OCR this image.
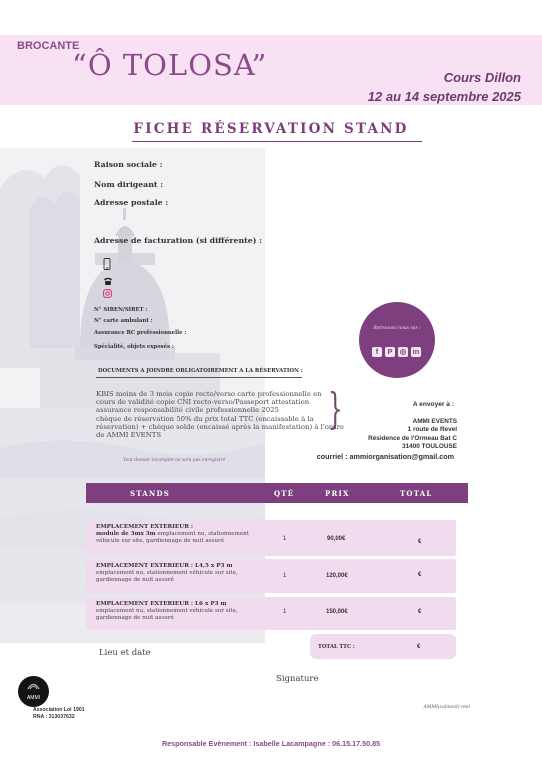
BROCANTE
“Ô TOLOSA”	Cours Dillon
12 au 14 septembre 2025
FICHE RÉSERVATION STAND
Raison sociale :
Nom dirigeant :
Adresse postale :
Adresse de facturation (si différente) :
N° SIREN/SIRET :
N° carte ambulant :
Assurance RC professionnelle :
Spécialité, objets exposés :
Retrouvez-nous sur :
f	P ◎ in
DOCUMENTS A JOINDRE OBLIGATOIREMENT A LA RÉSERVATION :
KBIS moins de 3 mois copie recto/verso carte professionnelle en
cours de validité copie CNI recto-verso/Passeport attestation
assurance responsabilité civile professionnelle 2025
chèque de réservation 50% du prix total TTC (encaissable à la
réservation) + chèque solde (encaissé après la manifestation) à l'ordre
de AMMI EVENTS
}
Tout dossier incomplet ne sera pas enregistré
A envoyer à :
AMMI EVENTS
1 route de Revel
Résidence de l'Ormeau Bat C
31400 TOULOUSE
courriel : ammiorganisation@gmail.com
STANDS	QTÉ	PRIX	TOTAL
EMPLACEMENT EXTERIEUR :
module de 3mx 3m emplacement nu, stationnement
véhicule sur site, gardiennage de nuit assuré	1	90,00€	€
EMPLACEMENT EXTERIEUR : L4,5 x P3 m
emplacement nu, stationnement véhicule sur site,
gardiennage de nuit assuré
1	120,00€	€
EMPLACEMENT EXTERIEUR : L6 x P3 m
emplacement nu, stationnement véhicule sur site,
gardiennage de nuit assuré
1	150,00€	€
TOTAL TTC :	€
Lieu et date
Signature
AMMI
Association Loi 1901
RNA : 313037632
AMMI(calment) réel
Responsable Evènement : Isabelle Lacampagne : 06.15.17.50.85
